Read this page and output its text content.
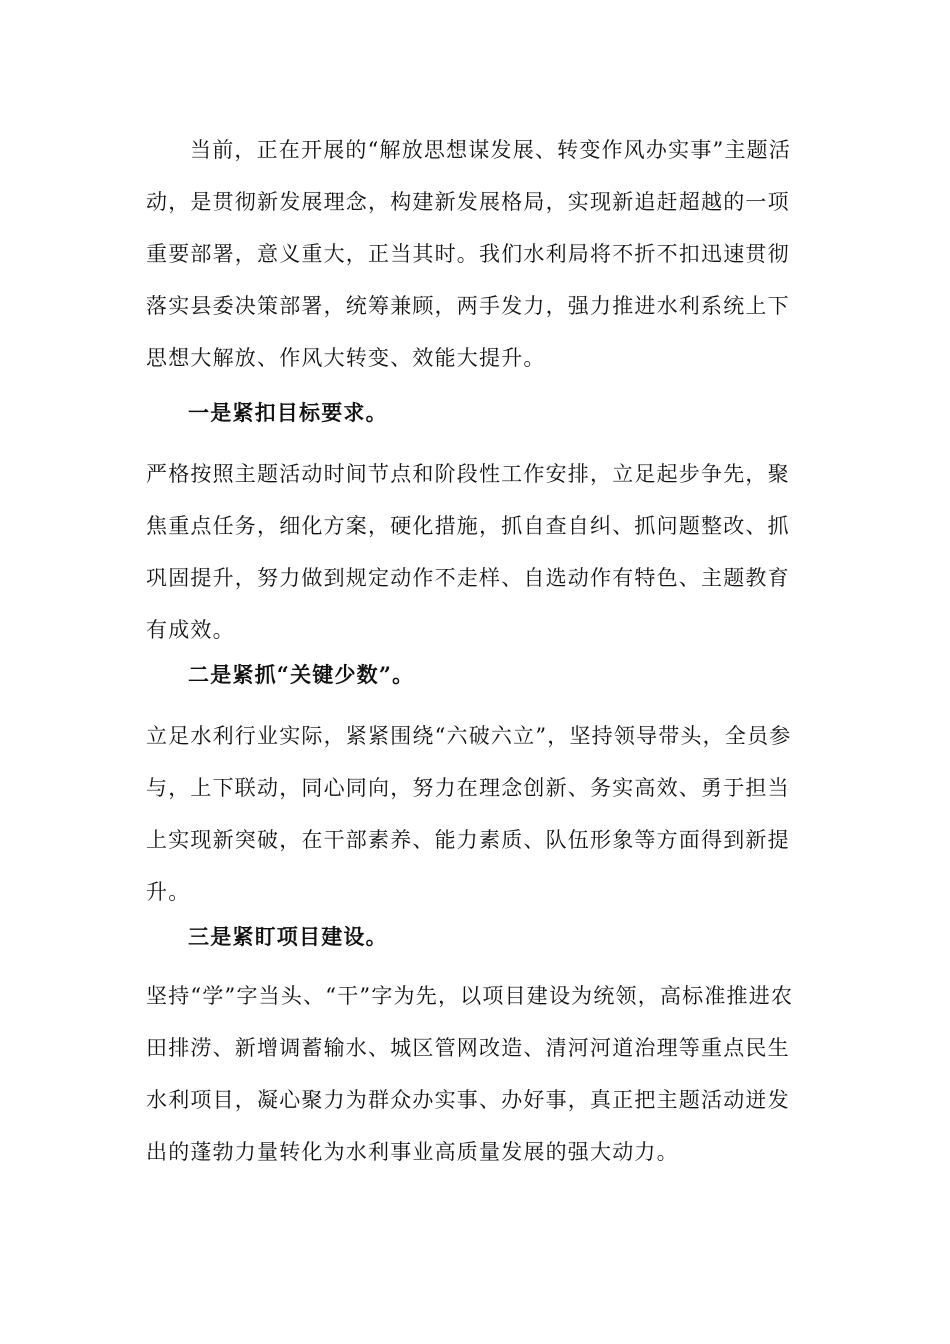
当前，正在开展的“解放思想谋发展、转变作风办实事”主题活动，是贯彻新发展理念，构建新发展格局，实现新追赶超越的一项重要部署，意义重大，正当其时。我们水利局将不折不扣迅速贯彻落实县委决策部署，统筹兼顾，两手发力，强力推进水利系统上下思想大解放、作风大转变、效能大提升。

一是紧扣目标要求。

严格按照主题活动时间节点和阶段性工作安排，立足起步争先，聚焦重点任务，细化方案，硬化措施，抓自查自纠、抓问题整改、抓巩固提升，努力做到规定动作不走样、自选动作有特色、主题教育有成效。

二是紧抓“关键少数”。

立足水利行业实际，紧紧围绕“六破六立”，坚持领导带头，全员参与，上下联动，同心同向，努力在理念创新、务实高效、勇于担当上实现新突破，在干部素养、能力素质、队伍形象等方面得到新提升。

三是紧盯项目建设。

坚持“学”字当头、“干”字为先，以项目建设为统领，高标准推进农田排涝、新增调蓄输水、城区管网改造、清河河道治理等重点民生水利项目，凝心聚力为群众办实事、办好事，真正把主题活动迸发出的蓬勃力量转化为水利事业高质量发展的强大动力。
